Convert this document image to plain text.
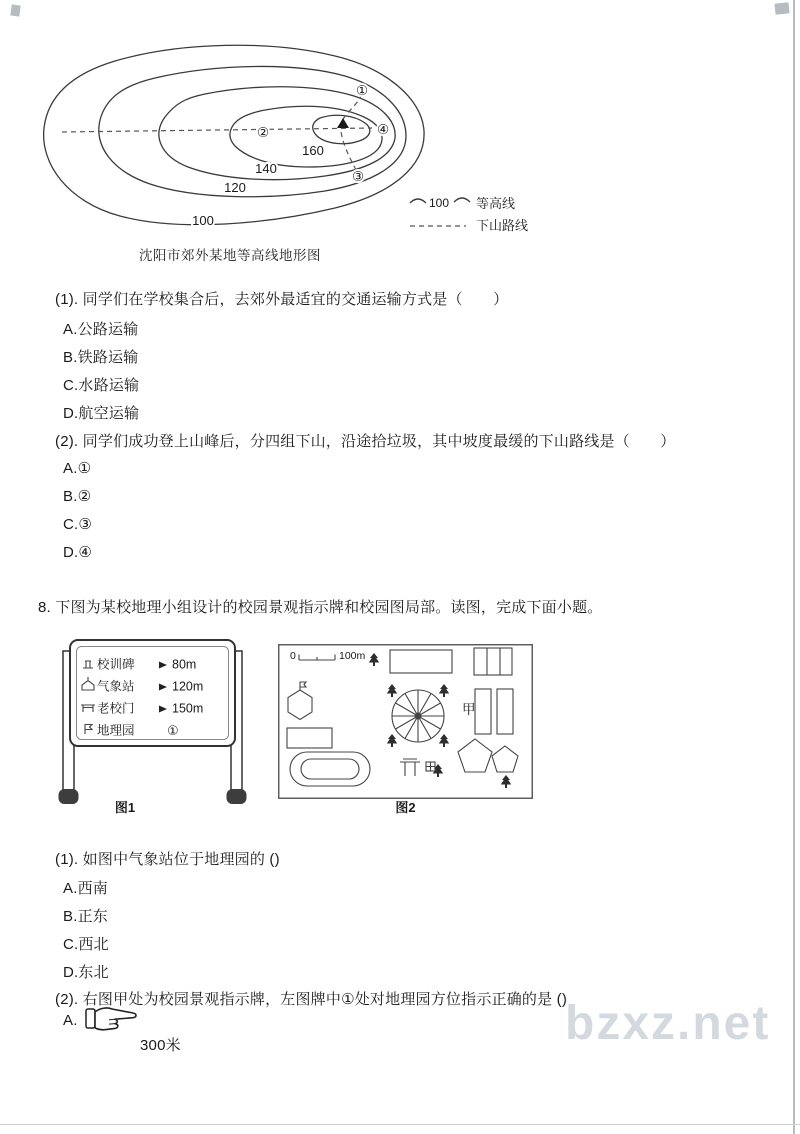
100
120
140
160
①
②
③
④
100 等高线
下山路线
沈阳市郊外某地等高线地形图
(1). 同学们在学校集合后，去郊外最适宜的交通运输方式是（　　）
A.公路运输
B.铁路运输
C.水路运输
D.航空运输
(2). 同学们成功登上山峰后，分四组下山，沿途拾垃圾，其中坡度最缓的下山路线是（　　）
A.①
B.②
C.③
D.④
8. 下图为某校地理小组设计的校园景观指示牌和校园图局部。读图，完成下面小题。
校训碑	80m
气象站	120m
老校门	150m
地理园 ①
图1
0	100m
甲
图2
(1). 如图中气象站位于地理园的 ()
A.西南
B.正东
C.西北
D.东北
(2). 右图甲处为校园景观指示牌，左图牌中①处对地理园方位指示正确的是 ()
A.
300米	bzxz.net
